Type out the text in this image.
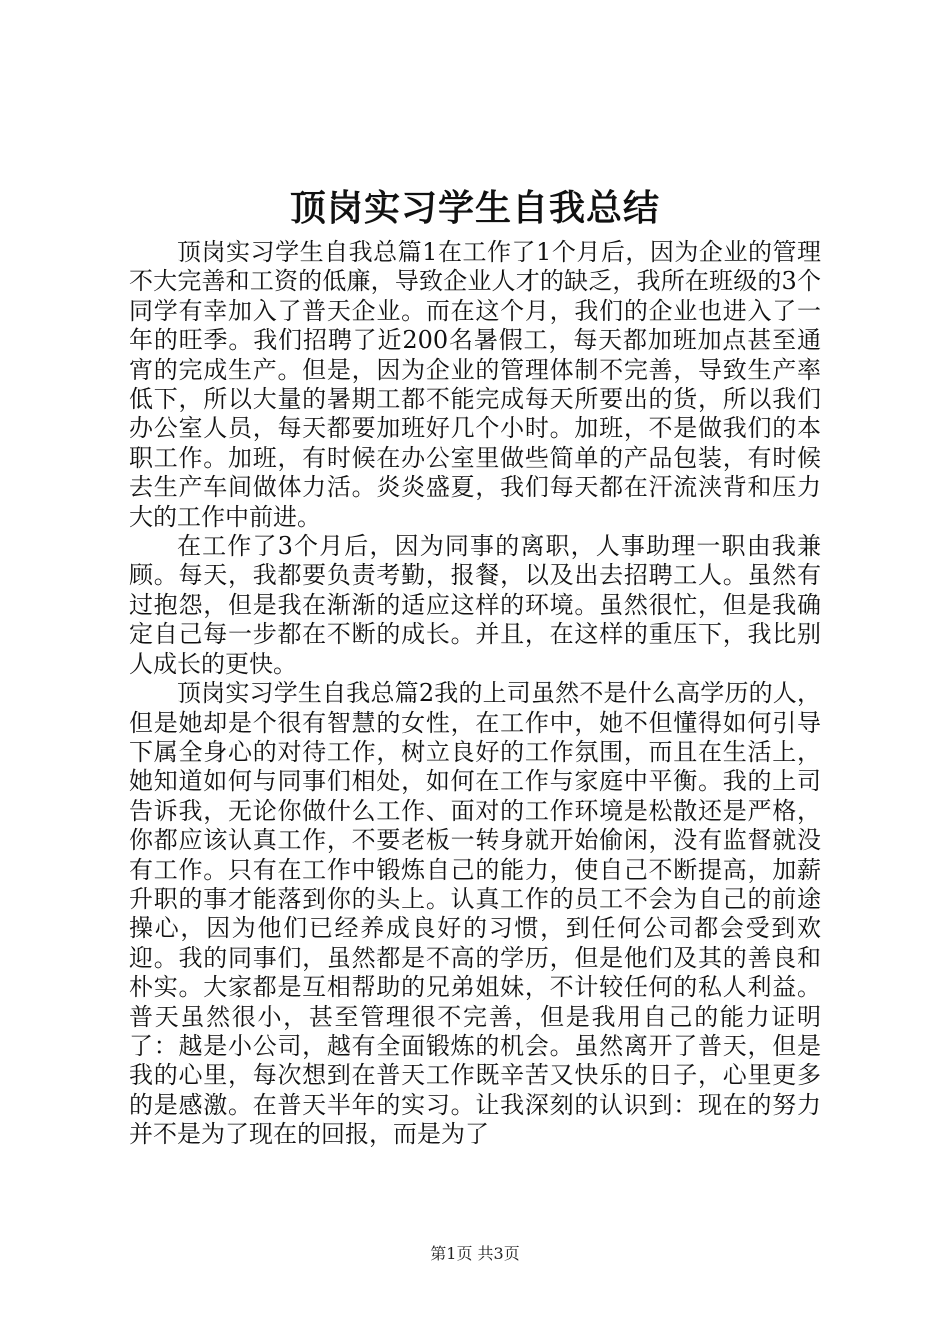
顶岗实习学生自我总结

顶岗实习学生自我总篇1在工作了1个月后，因为企业的管理不大完善和工资的低廉，导致企业人才的缺乏，我所在班级的3个同学有幸加入了普天企业。而在这个月，我们的企业也进入了一年的旺季。我们招聘了近200名暑假工，每天都加班加点甚至通宵的完成生产。但是，因为企业的管理体制不完善，导致生产率低下，所以大量的暑期工都不能完成每天所要出的货，所以我们办公室人员，每天都要加班好几个小时。加班，不是做我们的本职工作。加班，有时候在办公室里做些简单的产品包装，有时候去生产车间做体力活。炎炎盛夏，我们每天都在汗流浃背和压力大的工作中前进。

在工作了3个月后，因为同事的离职，人事助理一职由我兼顾。每天，我都要负责考勤，报餐，以及出去招聘工人。虽然有过抱怨，但是我在渐渐的适应这样的环境。虽然很忙，但是我确定自己每一步都在不断的成长。并且，在这样的重压下，我比别人成长的更快。

顶岗实习学生自我总篇2我的上司虽然不是什么高学历的人，但是她却是个很有智慧的女性，在工作中，她不但懂得如何引导下属全身心的对待工作，树立良好的工作氛围，而且在生活上，她知道如何与同事们相处，如何在工作与家庭中平衡。我的上司告诉我，无论你做什么工作、面对的工作环境是松散还是严格，你都应该认真工作，不要老板一转身就开始偷闲，没有监督就没有工作。只有在工作中锻炼自己的能力，使自己不断提高，加薪升职的事才能落到你的头上。认真工作的员工不会为自己的前途操心，因为他们已经养成良好的习惯，到任何公司都会受到欢迎。我的同事们，虽然都是不高的学历，但是他们及其的善良和朴实。大家都是互相帮助的兄弟姐妹，不计较任何的私人利益。普天虽然很小，甚至管理很不完善，但是我用自己的能力证明了：越是小公司，越有全面锻炼的机会。虽然离开了普天，但是我的心里，每次想到在普天工作既辛苦又快乐的日子，心里更多的是感激。在普天半年的实习。让我深刻的认识到：现在的努力并不是为了现在的回报，而是为了

第1页 共3页
